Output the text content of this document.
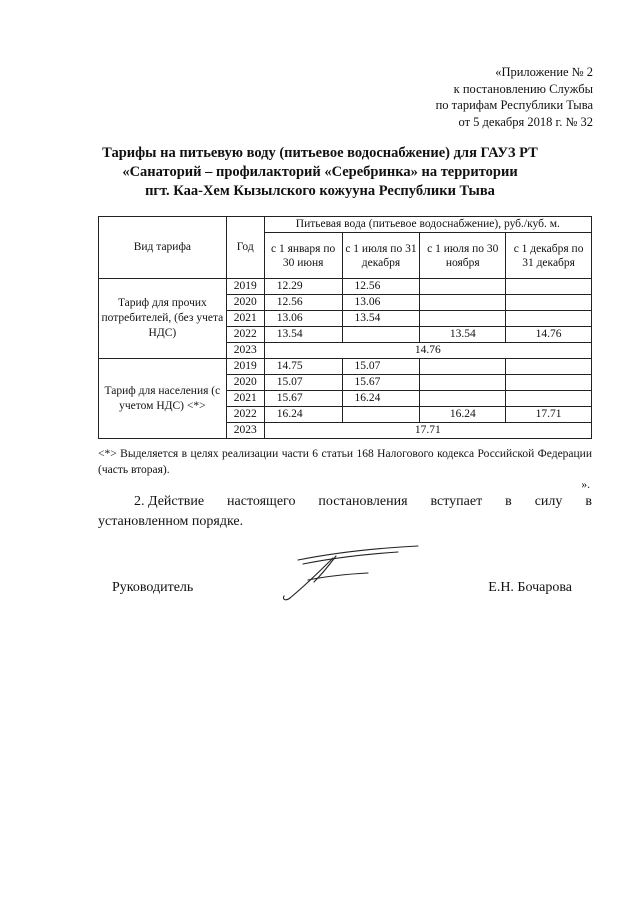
«Приложение № 2
к постановлению Службы
по тарифам Республики Тыва
от 5 декабря 2018 г. № 32
Тарифы на питьевую воду (питьевое водоснабжение) для ГАУЗ РТ
«Санаторий – профилакторий «Серебринка» на территории
пгт. Каа-Хем Кызылского кожууна Республики Тыва
Вид тарифа	Год	Питьевая вода (питьевое водоснабжение), руб./куб. м.			
		с 1 января по 30 июня	с 1 июля по 31 декабря	с 1 июля по 30 ноября	с 1 декабря по 31 декабря
Тариф для прочих потребителей, (без учета НДС)	2019	12.29	12.56		
	2020	12.56	13.06		
	2021	13.06	13.54		
	2022	13.54		13.54	14.76
	2023	14.76			
Тариф для населения (с учетом НДС) <*>	2019	14.75	15.07		
	2020	15.07	15.67		
	2021	15.67	16.24		
	2022	16.24		16.24	17.71
	2023	17.71			
<*> Выделяется в целях реализации части 6 статьи 168 Налогового кодекса Российской Федерации (часть вторая).
».
2. Действие настоящего постановления вступает в силу в
установленном порядке.
Руководитель	Е.Н. Бочарова
